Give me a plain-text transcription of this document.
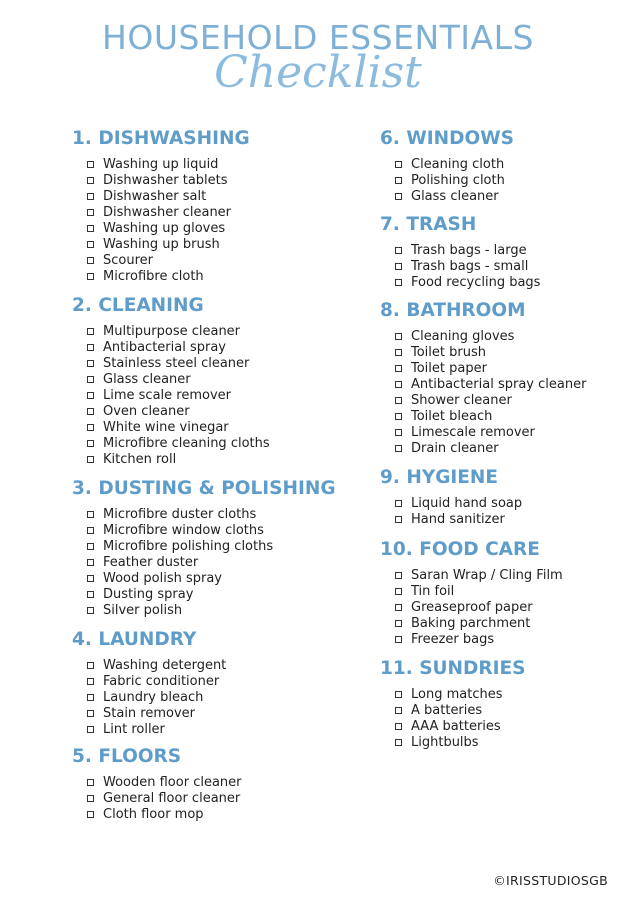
HOUSEHOLD ESSENTIALS
Checklist
1. DISHWASHING
Washing up liquid
Dishwasher tablets
Dishwasher salt
Dishwasher cleaner
Washing up gloves
Washing up brush
Scourer
Microfibre cloth
2. CLEANING
Multipurpose cleaner
Antibacterial spray
Stainless steel cleaner
Glass cleaner
Lime scale remover
Oven cleaner
White wine vinegar
Microfibre cleaning cloths
Kitchen roll
3. DUSTING & POLISHING
Microfibre duster cloths
Microfibre window cloths
Microfibre polishing cloths
Feather duster
Wood polish spray
Dusting spray
Silver polish
4. LAUNDRY
Washing detergent
Fabric conditioner
Laundry bleach
Stain remover
Lint roller
5. FLOORS
Wooden floor cleaner
General floor cleaner
Cloth floor mop
6. WINDOWS
Cleaning cloth
Polishing cloth
Glass cleaner
7. TRASH
Trash bags - large
Trash bags - small
Food recycling bags
8. BATHROOM
Cleaning gloves
Toilet brush
Toilet paper
Antibacterial spray cleaner
Shower cleaner
Toilet bleach
Limescale remover
Drain cleaner
9. HYGIENE
Liquid hand soap
Hand sanitizer
10. FOOD CARE
Saran Wrap / Cling Film
Tin foil
Greaseproof paper
Baking parchment
Freezer bags
11. SUNDRIES
Long matches
A batteries
AAA batteries
Lightbulbs
©IRISSTUDIOSGB
